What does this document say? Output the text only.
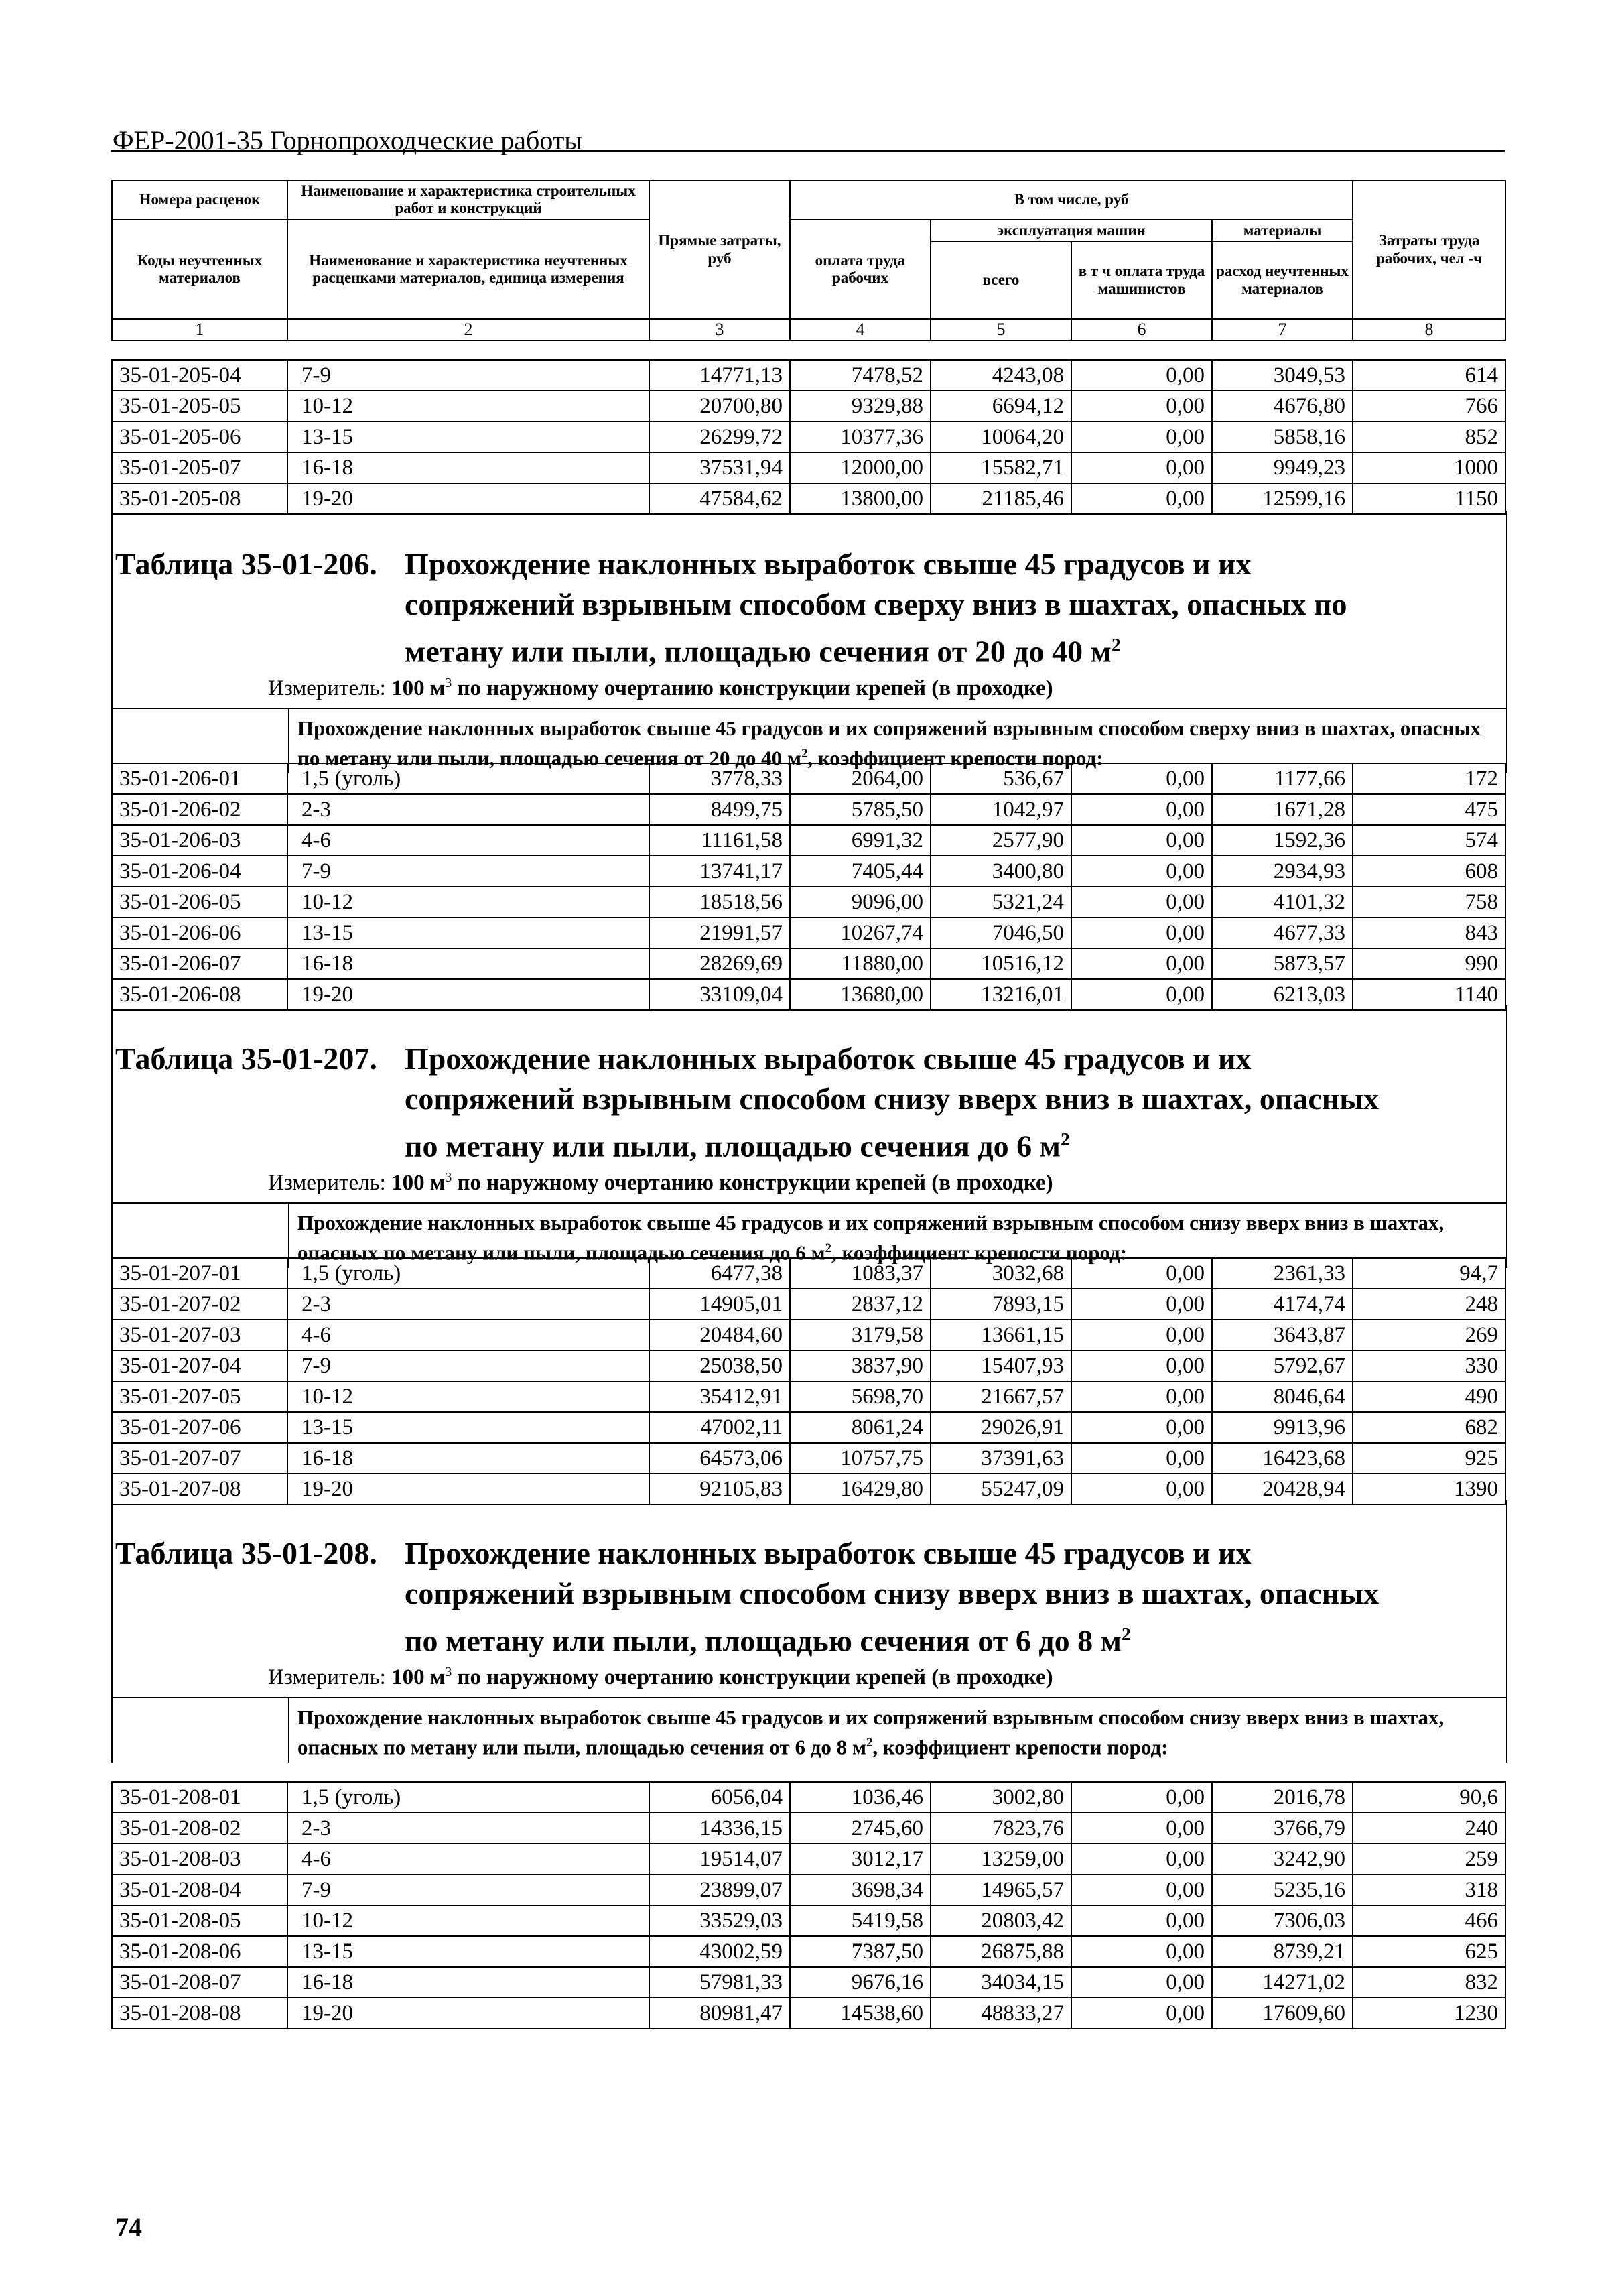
ФЕР-2001-35 Горнопроходческие работы
Номера расценок	Наименование и характеристика строительных работ и конструкций	Прямые затраты, руб	В том числе, руб				Затраты труда рабочих, чел -ч
Коды неучтенных материалов	Наименование и характеристика неучтенных расценками материалов, единица измерения		оплата труда рабочих	эксплуатация машин		материалы	
				всего	в т ч оплата труда машинистов	расход неучтенных материалов	
1	2	3	4	5	6	7	8
35-01-205-04	7-9	14771,13	7478,52	4243,08	0,00	3049,53	614
35-01-205-05	10-12	20700,80	9329,88	6694,12	0,00	4676,80	766
35-01-205-06	13-15	26299,72	10377,36	10064,20	0,00	5858,16	852
35-01-205-07	16-18	37531,94	12000,00	15582,71	0,00	9949,23	1000
35-01-205-08	19-20	47584,62	13800,00	21185,46	0,00	12599,16	1150
Таблица 35-01-206. Прохождение наклонных выработок свыше 45 градусов и их
сопряжений взрывным способом сверху вниз в шахтах, опасных по
метану или пыли, площадью сечения от 20 до 40 $м^2$
Измеритель: 100 $м^3$ по наружному очертанию конструкции крепей (в проходке)
Прохождение наклонных выработок свыше 45 градусов и их сопряжений взрывным способом сверху вниз в шахтах, опасных по метану или пыли, площадью сечения от 20 до 40 $м^2$, коэффициент крепости пород:
35-01-206-01	1,5 (уголь)	3778,33	2064,00	536,67	0,00	1177,66	172
35-01-206-02	2-3	8499,75	5785,50	1042,97	0,00	1671,28	475
35-01-206-03	4-6	11161,58	6991,32	2577,90	0,00	1592,36	574
35-01-206-04	7-9	13741,17	7405,44	3400,80	0,00	2934,93	608
35-01-206-05	10-12	18518,56	9096,00	5321,24	0,00	4101,32	758
35-01-206-06	13-15	21991,57	10267,74	7046,50	0,00	4677,33	843
35-01-206-07	16-18	28269,69	11880,00	10516,12	0,00	5873,57	990
35-01-206-08	19-20	33109,04	13680,00	13216,01	0,00	6213,03	1140
Таблица 35-01-207. Прохождение наклонных выработок свыше 45 градусов и их
сопряжений взрывным способом снизу вверх вниз в шахтах, опасных
по метану или пыли, площадью сечения до 6 $м^2$
Измеритель: 100 $м^3$ по наружному очертанию конструкции крепей (в проходке)
Прохождение наклонных выработок свыше 45 градусов и их сопряжений взрывным способом снизу вверх вниз в шахтах, опасных по метану или пыли, площадью сечения до 6 $м^2$, коэффициент крепости пород:
35-01-207-01	1,5 (уголь)	6477,38	1083,37	3032,68	0,00	2361,33	94,7
35-01-207-02	2-3	14905,01	2837,12	7893,15	0,00	4174,74	248
35-01-207-03	4-6	20484,60	3179,58	13661,15	0,00	3643,87	269
35-01-207-04	7-9	25038,50	3837,90	15407,93	0,00	5792,67	330
35-01-207-05	10-12	35412,91	5698,70	21667,57	0,00	8046,64	490
35-01-207-06	13-15	47002,11	8061,24	29026,91	0,00	9913,96	682
35-01-207-07	16-18	64573,06	10757,75	37391,63	0,00	16423,68	925
35-01-207-08	19-20	92105,83	16429,80	55247,09	0,00	20428,94	1390
Таблица 35-01-208. Прохождение наклонных выработок свыше 45 градусов и их
сопряжений взрывным способом снизу вверх вниз в шахтах, опасных
по метану или пыли, площадью сечения от 6 до 8 $м^2$
Измеритель: 100 $м^3$ по наружному очертанию конструкции крепей (в проходке)
Прохождение наклонных выработок свыше 45 градусов и их сопряжений взрывным способом снизу вверх вниз в шахтах, опасных по метану или пыли, площадью сечения от 6 до 8 $м^2$, коэффициент крепости пород:
35-01-208-01	1,5 (уголь)	6056,04	1036,46	3002,80	0,00	2016,78	90,6
35-01-208-02	2-3	14336,15	2745,60	7823,76	0,00	3766,79	240
35-01-208-03	4-6	19514,07	3012,17	13259,00	0,00	3242,90	259
35-01-208-04	7-9	23899,07	3698,34	14965,57	0,00	5235,16	318
35-01-208-05	10-12	33529,03	5419,58	20803,42	0,00	7306,03	466
35-01-208-06	13-15	43002,59	7387,50	26875,88	0,00	8739,21	625
35-01-208-07	16-18	57981,33	9676,16	34034,15	0,00	14271,02	832
35-01-208-08	19-20	80981,47	14538,60	48833,27	0,00	17609,60	1230
74
